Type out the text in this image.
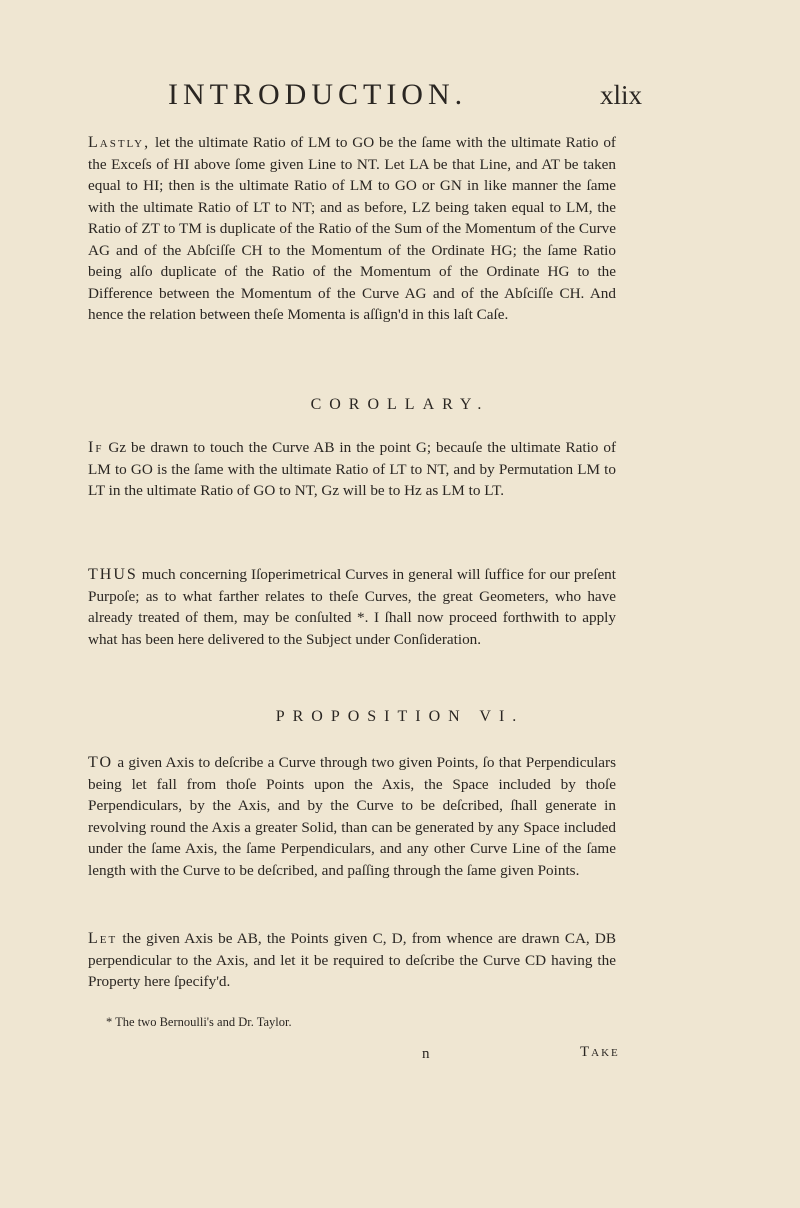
INTRODUCTION.	xlix
Lastly, let the ultimate Ratio of LM to GO be the ſame with the ultimate Ratio of the Exceſs of HI above ſome given Line to NT. Let LA be that Line, and AT be taken equal to HI; then is the ultimate Ratio of LM to GO or GN in like manner the ſame with the ultimate Ratio of LT to NT; and as before, LZ being taken equal to LM, the Ratio of ZT to TM is duplicate of the Ratio of the Sum of the Momentum of the Curve AG and of the Abſciſſe CH to the Momentum of the Ordinate HG; the ſame Ratio being alſo duplicate of the Ratio of the Momentum of the Ordinate HG to the Difference between the Momentum of the Curve AG and of the Abſciſſe CH. And hence the relation between theſe Momenta is aſſign'd in this laſt Caſe.
COROLLARY.
If Gz be drawn to touch the Curve AB in the point G; becauſe the ultimate Ratio of LM to GO is the ſame with the ultimate Ratio of LT to NT, and by Permutation LM to LT in the ultimate Ratio of GO to NT, Gz will be to Hz as LM to LT.
THUS much concerning Iſoperimetrical Curves in general will ſuffice for our preſent Purpoſe; as to what farther relates to theſe Curves, the great Geometers, who have already treated of them, may be conſulted *. I ſhall now proceed forthwith to apply what has been here delivered to the Subject under Conſideration.
PROPOSITION VI.
TO a given Axis to deſcribe a Curve through two given Points, ſo that Perpendiculars being let fall from thoſe Points upon the Axis, the Space included by thoſe Perpendiculars, by the Axis, and by the Curve to be deſcribed, ſhall generate in revolving round the Axis a greater Solid, than can be generated by any Space included under the ſame Axis, the ſame Perpendiculars, and any other Curve Line of the ſame length with the Curve to be deſcribed, and paſſing through the ſame given Points.
Let the given Axis be AB, the Points given C, D, from whence are drawn CA, DB perpendicular to the Axis, and let it be required to deſcribe the Curve CD having the Property here ſpecify'd.
* The two Bernoulli's and Dr. Taylor.
n	Take
